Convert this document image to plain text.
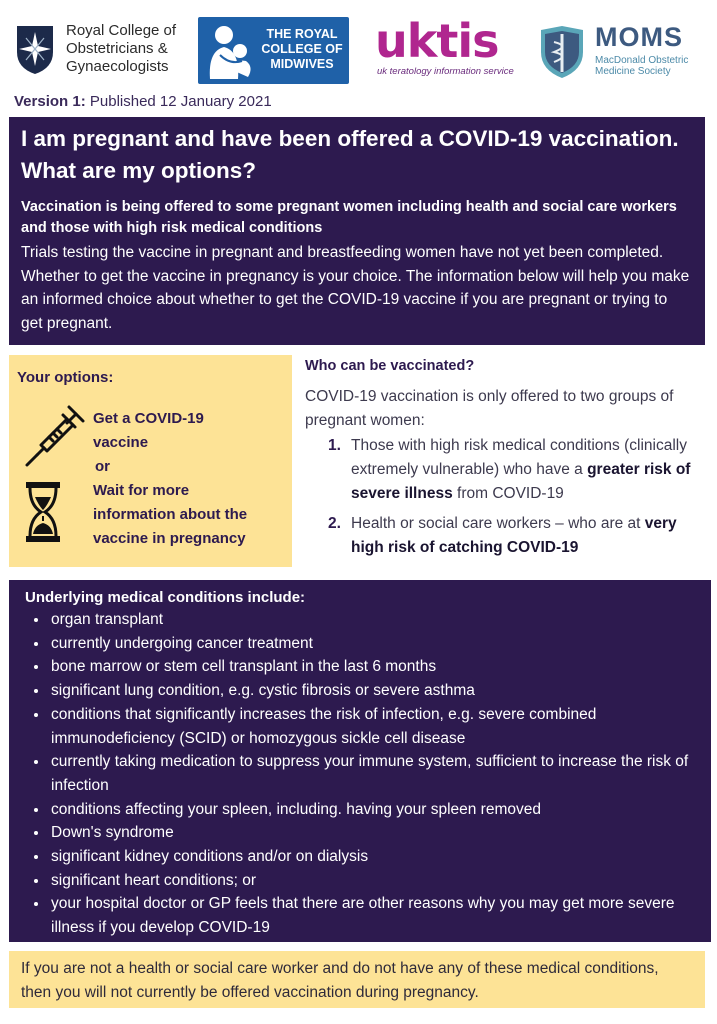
Royal College of
Obstetricians &
Gynaecologists
THE ROYAL
COLLEGE OF
MIDWIVES uktis
uk teratology information service
MOMS
MacDonald Obstetric
Medicine Society
Version 1: Published 12 January 2021
I am pregnant and have been offered a COVID-19 vaccination. What are my options?
Vaccination is being offered to some pregnant women including health and social care workers and those with high risk medical conditions
Trials testing the vaccine in pregnant and breastfeeding women have not yet been completed. Whether to get the vaccine in pregnancy is your choice. The information below will help you make an informed choice about whether to get the COVID-19 vaccine if you are pregnant or trying to get pregnant.
Your options:
Get a COVID-19
vaccine
or
Wait for more
information about the
vaccine in pregnancy
Who can be vaccinated?
COVID-19 vaccination is only offered to two groups of pregnant women:
1. Those with high risk medical conditions (clinically extremely vulnerable) who have a greater risk of severe illness from COVID-19
2. Health or social care workers – who are at very high risk of catching COVID-19
Underlying medical conditions include:
• organ transplant
• currently undergoing cancer treatment
• bone marrow or stem cell transplant in the last 6 months
• significant lung condition, e.g. cystic fibrosis or severe asthma
• conditions that significantly increases the risk of infection, e.g. severe combined immunodeficiency (SCID) or homozygous sickle cell disease
• currently taking medication to suppress your immune system, sufficient to increase the risk of infection
• conditions affecting your spleen, including. having your spleen removed
• Down's syndrome
• significant kidney conditions and/or on dialysis
• significant heart conditions; or
• your hospital doctor or GP feels that there are other reasons why you may get more severe illness if you develop COVID-19
If you are not a health or social care worker and do not have any of these medical conditions, then you will not currently be offered vaccination during pregnancy.
